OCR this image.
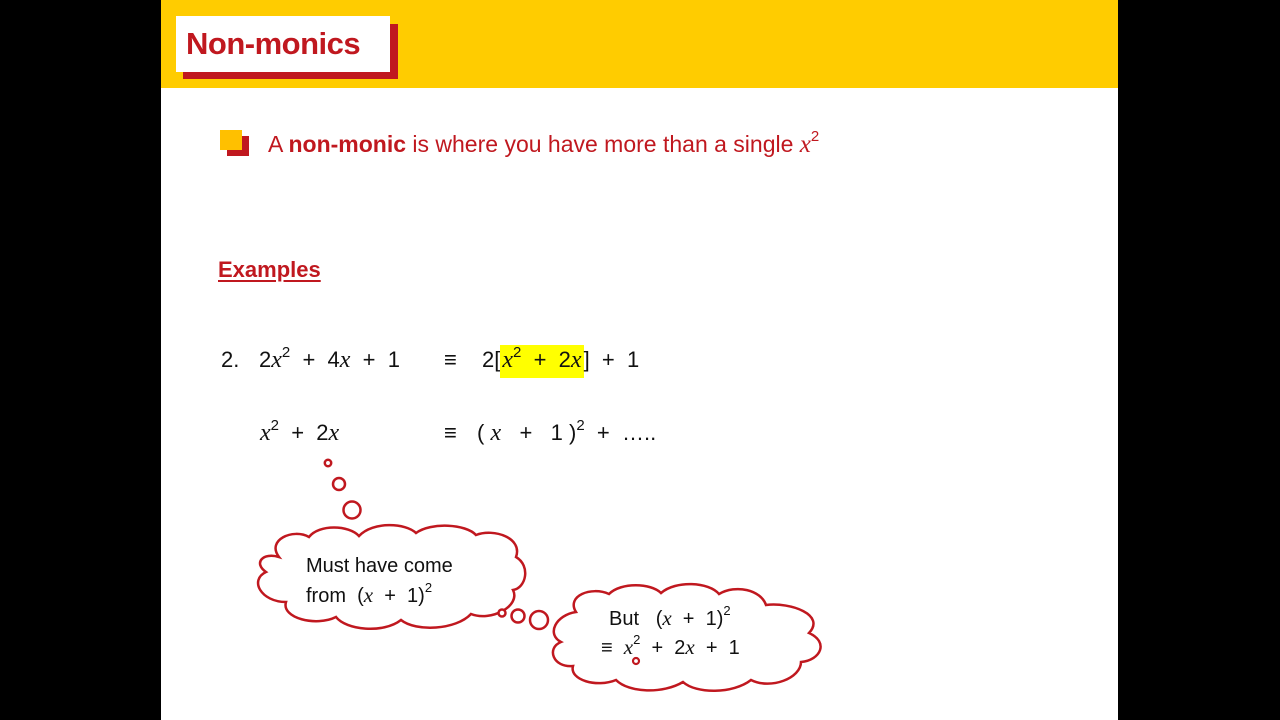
Non-monics
A non-monic is where you have more than a single $x^2$
Examples
2. $2x^2 + 4x + 1 \equiv 2[x^2 + 2x] + 1$
$x^2 + 2x$	≡ ( x   +   1 )$^2$  +  …..
Must have come
from  $(x + 1)^2$
But   $(x + 1)^2$
≡  $x^2 + 2x + 1$
